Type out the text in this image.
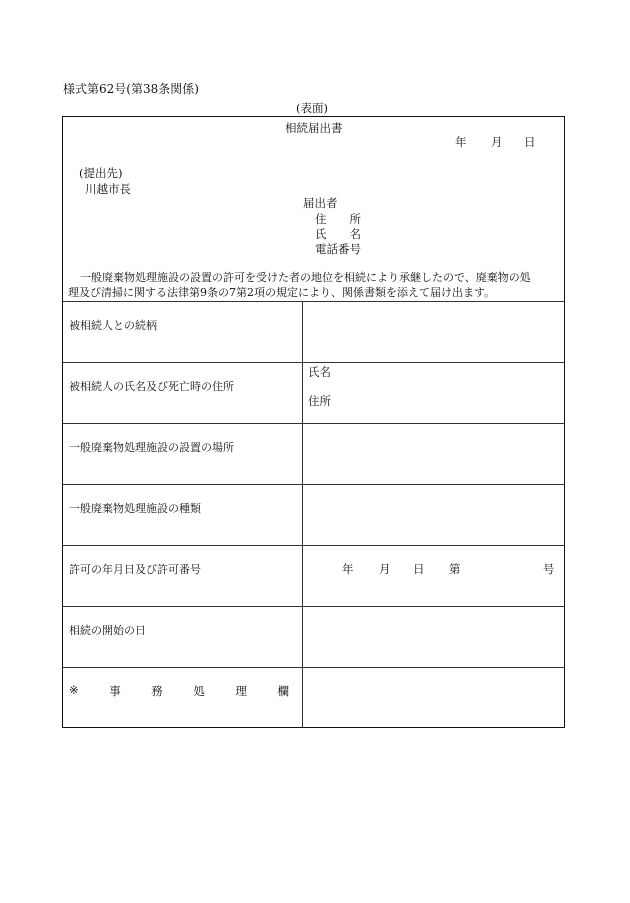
様式第62号(第38条関係)
(表面)
相続届出書
年 月 日
(提出先)
川越市長
届出者
住　　所
氏　　名
電話番号
一般廃棄物処理施設の設置の許可を受けた者の地位を相続により承継したので、廃棄物の処
理及び清掃に関する法律第9条の7第2項の規定により、関係書類を添えて届け出ます。
被相続人との続柄
被相続人の氏名及び死亡時の住所
氏名
住所
一般廃棄物処理施設の設置の場所
一般廃棄物処理施設の種類
許可の年月日及び許可番号	年 月 日 第	号
相続の開始の日
※	事	務	処	理	欄
